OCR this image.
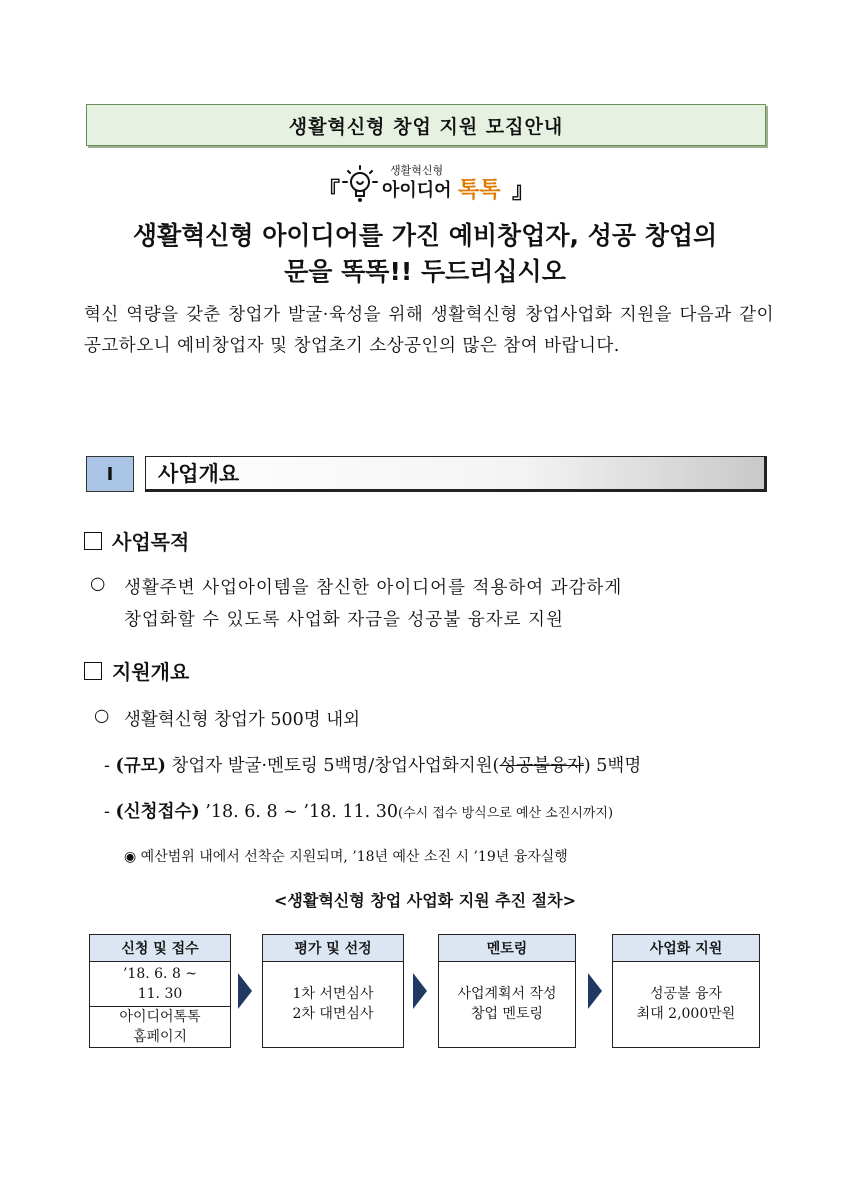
생활혁신형 창업 지원 모집안내
『
생활혁신형
아이디어 톡톡 』
생활혁신형 아이디어를 가진 예비창업자, 성공 창업의
문을 똑똑!! 두드리십시오
혁신 역량을 갖춘 창업가 발굴·육성을 위해 생활혁신형 창업사업화 지원을 다음과 같이 공고하오니 예비창업자 및 창업초기 소상공인의 많은 참여 바랍니다.
Ⅰ	사업개요
사업목적
○ 생활주변 사업아이템을 참신한 아이디어를 적용하여 과감하게
창업화할 수 있도록 사업화 자금을 성공불 융자로 지원
지원개요
○ 생활혁신형 창업가 500명 내외
- (규모) 창업자 발굴·멘토링 5백명/창업사업화지원(성공불융자) 5백명
- (신청접수) ’18. 6. 8 ~ ’18. 11. 30(수시 접수 방식으로 예산 소진시까지)
◉ 예산범위 내에서 선착순 지원되며, ’18년 예산 소진 시 ’19년 융자실행
<생활혁신형 창업 사업화 지원 추진 절차>
신청 및 접수
’18. 6. 8 ~
11. 30
아이디어톡톡
홈페이지
평가 및 선정
1차 서면심사
2차 대면심사
멘토링
사업계획서 작성
창업 멘토링
사업화 지원
성공불 융자
최대 2,000만원
